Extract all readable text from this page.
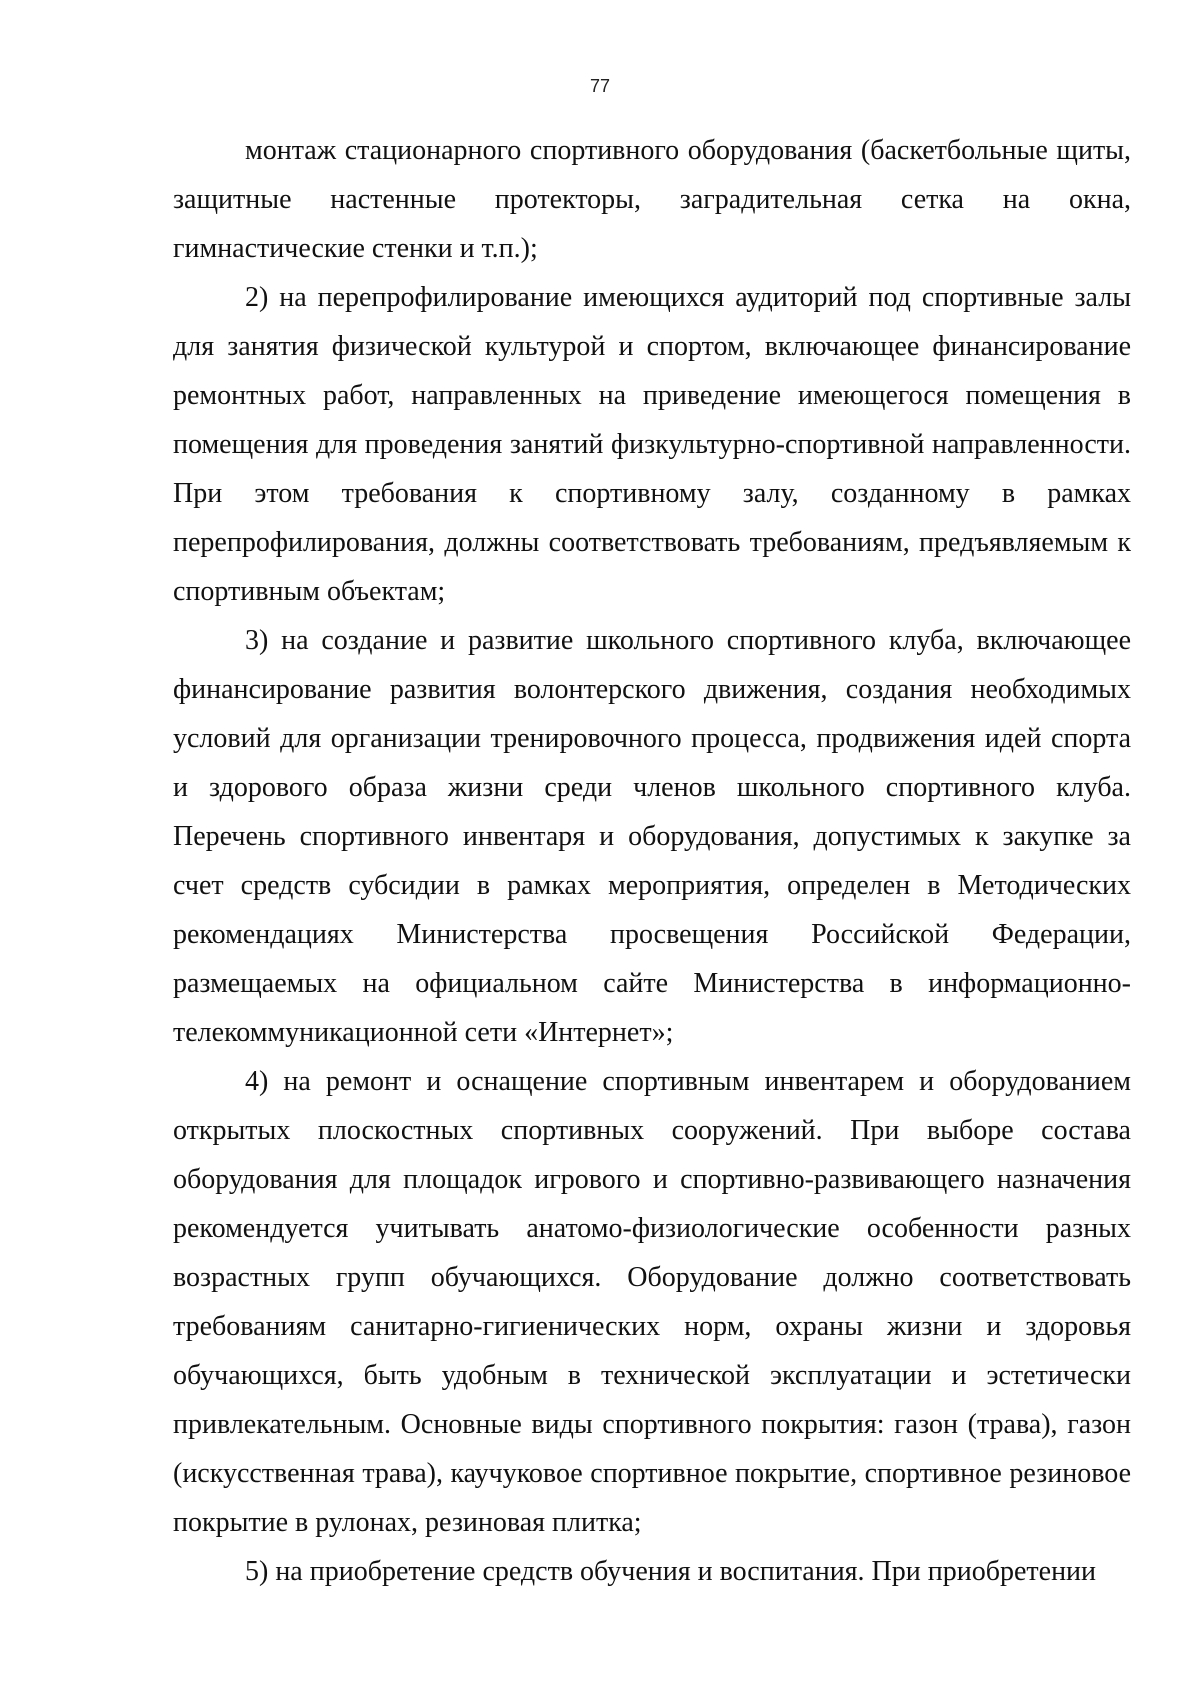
77

монтаж стационарного спортивного оборудования (баскетбольные щиты, защитные настенные протекторы, заградительная сетка на окна, гимнастические стенки и т.п.);

2) на перепрофилирование имеющихся аудиторий под спортивные залы для занятия физической культурой и спортом, включающее финансирование ремонтных работ, направленных на приведение имеющегося помещения в помещения для проведения занятий физкультурно-спортивной направленности. При этом требования к спортивному залу, созданному в рамках перепрофилирования, должны соответствовать требованиям, предъявляемым к спортивным объектам;

3) на создание и развитие школьного спортивного клуба, включающее финансирование развития волонтерского движения, создания необходимых условий для организации тренировочного процесса, продвижения идей спорта и здорового образа жизни среди членов школьного спортивного клуба. Перечень спортивного инвентаря и оборудования, допустимых к закупке за счет средств субсидии в рамках мероприятия, определен в Методических рекомендациях Министерства просвещения Российской Федерации, размещаемых на официальном сайте Министерства в информационно-телекоммуникационной сети «Интернет»;

4) на ремонт и оснащение спортивным инвентарем и оборудованием открытых плоскостных спортивных сооружений. При выборе состава оборудования для площадок игрового и спортивно-развивающего назначения рекомендуется учитывать анатомо-физиологические особенности разных возрастных групп обучающихся. Оборудование должно соответствовать требованиям санитарно-гигиенических норм, охраны жизни и здоровья обучающихся, быть удобным в технической эксплуатации и эстетически привлекательным. Основные виды спортивного покрытия: газон (трава), газон (искусственная трава), каучуковое спортивное покрытие, спортивное резиновое покрытие в рулонах, резиновая плитка;

5) на приобретение средств обучения и воспитания. При приобретении
